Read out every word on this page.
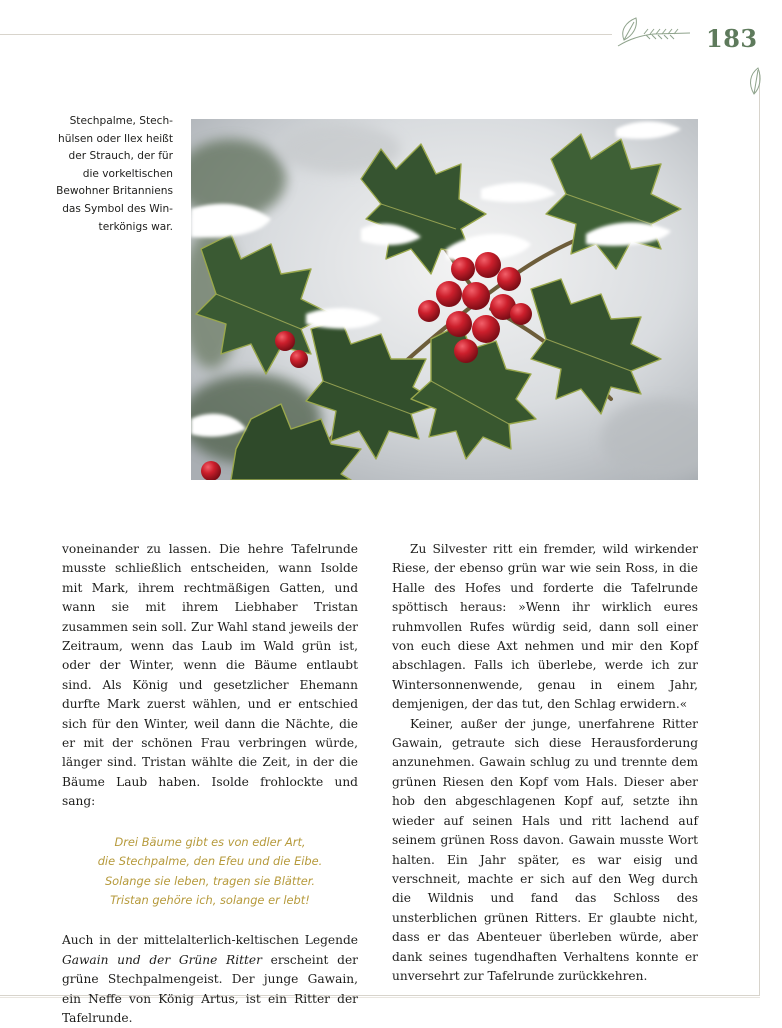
183
Stechpalme, Stechhülsen oder Ilex heißt der Strauch, der für die vorkeltischen Bewohner Britanniens das Symbol des Winterkönigs war.

voneinander zu lassen. Die hehre Tafelrunde musste schließlich entscheiden, wann Isolde mit Mark, ihrem rechtmäßigen Gatten, und wann sie mit ihrem Liebhaber Tristan zusammen sein soll. Zur Wahl stand jeweils der Zeitraum, wenn das Laub im Wald grün ist, oder der Winter, wenn die Bäume entlaubt sind. Als König und gesetzlicher Ehemann durfte Mark zuerst wählen, und er entschied sich für den Winter, weil dann die Nächte, die er mit der schönen Frau verbringen würde, länger sind. Tristan wählte die Zeit, in der die Bäume Laub haben. Isolde frohlockte und sang:

Drei Bäume gibt es von edler Art,
die Stechpalme, den Efeu und die Eibe.
Solange sie leben, tragen sie Blätter.
Tristan gehöre ich, solange er lebt!

Auch in der mittelalterlich-keltischen Legende Gawain und der Grüne Ritter erscheint der grüne Stechpalmengeist. Der junge Gawain, ein Neffe von König Artus, ist ein Ritter der Tafelrunde.

Zu Silvester ritt ein fremder, wild wirkender Riese, der ebenso grün war wie sein Ross, in die Halle des Hofes und forderte die Tafelrunde spöttisch heraus: »Wenn ihr wirklich eures ruhmvollen Rufes würdig seid, dann soll einer von euch diese Axt nehmen und mir den Kopf abschlagen. Falls ich überlebe, werde ich zur Wintersonnenwende, genau in einem Jahr, demjenigen, der das tut, den Schlag erwidern.«

Keiner, außer der junge, unerfahrene Ritter Gawain, getraute sich diese Herausforderung anzunehmen. Gawain schlug zu und trennte dem grünen Riesen den Kopf vom Hals. Dieser aber hob den abgeschlagenen Kopf auf, setzte ihn wieder auf seinen Hals und ritt lachend auf seinem grünen Ross davon. Gawain musste Wort halten. Ein Jahr später, es war eisig und verschneit, machte er sich auf den Weg durch die Wildnis und fand das Schloss des unsterblichen grünen Ritters. Er glaubte nicht, dass er das Abenteuer überleben würde, aber dank seines tugendhaften Verhaltens konnte er unversehrt zur Tafelrunde zurückkehren.
